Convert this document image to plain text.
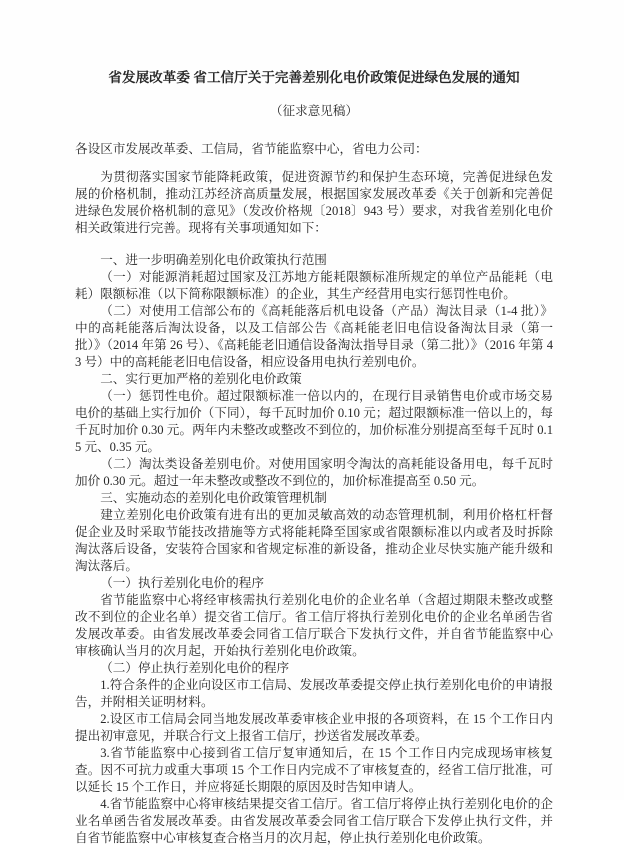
省发展改革委 省工信厅关于完善差别化电价政策促进绿色发展的通知

（征求意见稿）

各设区市发展改革委、工信局，省节能监察中心，省电力公司：

为贯彻落实国家节能降耗政策，促进资源节约和保护生态环境，完善促进绿色发展的价格机制，推动江苏经济高质量发展，根据国家发展改革委《关于创新和完善促进绿色发展价格机制的意见》（发改价格规〔2018〕943 号）要求，对我省差别化电价相关政策进行完善。现将有关事项通知如下：

一、进一步明确差别化电价政策执行范围

（一）对能源消耗超过国家及江苏地方能耗限额标准所规定的单位产品能耗（电耗）限额标准（以下简称限额标准）的企业，其生产经营用电实行惩罚性电价。

（二）对使用工信部公布的《高耗能落后机电设备（产品）淘汰目录（1-4 批）》中的高耗能落后淘汰设备，以及工信部公告《高耗能老旧电信设备淘汰目录（第一批）》（2014 年第 26 号）、《高耗能老旧通信设备淘汰指导目录（第二批）》（2016 年第 43 号）中的高耗能老旧电信设备，相应设备用电执行差别电价。

二、实行更加严格的差别化电价政策

（一）惩罚性电价。超过限额标准一倍以内的，在现行目录销售电价或市场交易电价的基础上实行加价（下同），每千瓦时加价 0.10 元；超过限额标准一倍以上的，每千瓦时加价 0.30 元。两年内未整改或整改不到位的，加价标准分别提高至每千瓦时 0.15 元、0.35 元。

（二）淘汰类设备差别电价。对使用国家明令淘汰的高耗能设备用电，每千瓦时加价 0.30 元。超过一年未整改或整改不到位的，加价标准提高至 0.50 元。

三、实施动态的差别化电价政策管理机制

建立差别化电价政策有进有出的更加灵敏高效的动态管理机制，利用价格杠杆督促企业及时采取节能技改措施等方式将能耗降至国家或省限额标准以内或者及时拆除淘汰落后设备，安装符合国家和省规定标准的新设备，推动企业尽快实施产能升级和淘汰落后。

（一）执行差别化电价的程序

省节能监察中心将经审核需执行差别化电价的企业名单（含超过期限未整改或整改不到位的企业名单）提交省工信厅。省工信厅将执行差别化电价的企业名单函告省发展改革委。由省发展改革委会同省工信厅联合下发执行文件，并自省节能监察中心审核确认当月的次月起，开始执行差别化电价政策。

（二）停止执行差别化电价的程序

1.符合条件的企业向设区市工信局、发展改革委提交停止执行差别化电价的申请报告，并附相关证明材料。

2.设区市工信局会同当地发展改革委审核企业申报的各项资料，在 15 个工作日内提出初审意见，并联合行文上报省工信厅，抄送省发展改革委。

3.省节能监察中心接到省工信厅复审通知后，在 15 个工作日内完成现场审核复查。因不可抗力或重大事项 15 个工作日内完成不了审核复查的，经省工信厅批准，可以延长 15 个工作日，并应将延长期限的原因及时告知申请人。

4.省节能监察中心将审核结果提交省工信厅。省工信厅将停止执行差别化电价的企业名单函告省发展改革委。由省发展改革委会同省工信厅联合下发停止执行文件，并自省节能监察中心审核复查合格当月的次月起，停止执行差别化电价政策。
